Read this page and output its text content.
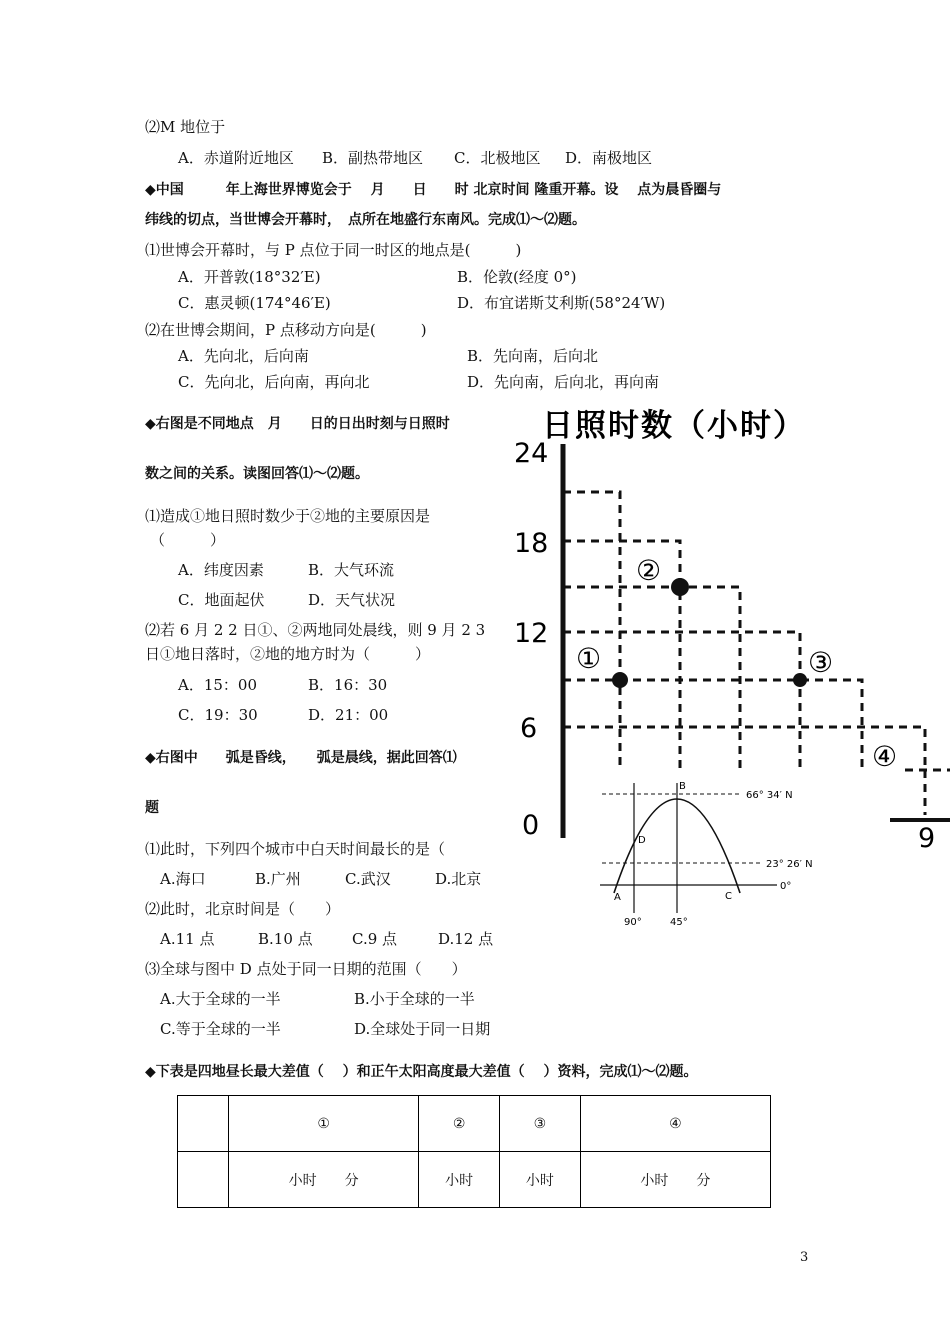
⑵M 地位于
A．赤道附近地区 B．副热带地区 C．北极地区 D．南极地区
◆中国　　　年上海世界博览会于　 月　　日　　时 北京时间 隆重开幕。设　 点为晨昏圈与
纬线的切点，当世博会开幕时，　点所在地盛行东南风。完成⑴～⑵题。
⑴世博会开幕时，与 P 点位于同一时区的地点是(　　　)
A．开普敦(18°32′E)	B．伦敦(经度 0°)
C．惠灵顿(174°46′E)	D．布宜诺斯艾利斯(58°24′W)
⑵在世博会期间，P 点移动方向是(　　　)
A．先向北，后向南	B．先向南，后向北
C．先向北，后向南，再向北	D．先向南，后向北，再向南
◆右图是不同地点　月　　日的日出时刻与日照时
数之间的关系。读图回答⑴～⑵题。
⑴造成①地日照时数少于②地的主要原因是
（　　　）
A．纬度因素	B．大气环流
C．地面起伏	D．天气状况
⑵若 6 月 2 2 日①、②两地同处晨线，则 9 月 2 3
日①地日落时，②地的地方时为（　　　）
A．15：00	B．16：30
C．19：30	D．21：00
◆右图中　　弧是昏线，　　弧是晨线，据此回答⑴
题
⑴此时，下列四个城市中白天时间最长的是（
A.海口	B.广州	C.武汉	D.北京
⑵此时，北京时间是（　　）
A.11 点	B.10 点	C.9 点	D.12 点
⑶全球与图中 D 点处于同一日期的范围（　　）
A.大于全球的一半	B.小于全球的一半
C.等于全球的一半	D.全球处于同一日期
日照时数（小时）
24
18
12
6
0	9
①
②
③
④
66° 34′ N
23° 26′ N
0°
90°	45°
A
B
C
D
◆下表是四地昼长最大差值（　 ）和正午太阳高度最大差值（　 ）资料，完成⑴～⑵题。
	①	②	③	④
	小时　　分	小时	小时	小时　　分
3
